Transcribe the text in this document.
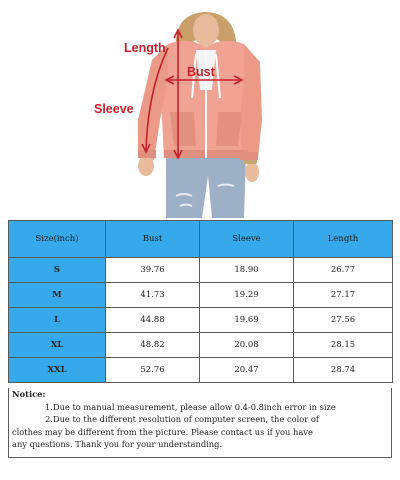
Length
Bust
Sleeve
Size(inch)	Bust	Sleeve	Length
S	39.76	18.90	26.77
M	41.73	19.29	27.17
L	44.88	19.69	27.56
XL	48.82	20.08	28.15
XXL	52.76	20.47	28.74
Notice:
1.Due to manual measurement, please allow 0.4-0.8inch error in size
2.Due to the different resolution of computer screen, the color of
clothes may be different from the picture. Please contact us if you have
any questions. Thank you for your understanding.
